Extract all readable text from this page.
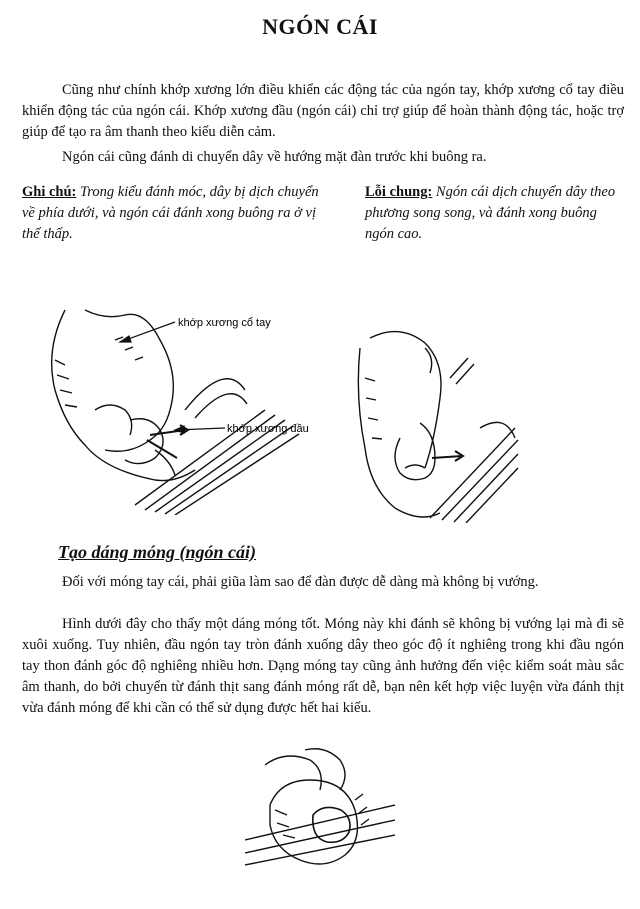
NGÓN CÁI

Cũng như chính khớp xương lớn điều khiển các động tác của ngón tay, khớp xương cổ tay điều khiển động tác của ngón cái. Khớp xương đầu (ngón cái) chỉ trợ giúp để hoàn thành động tác, hoặc trợ giúp để tạo ra âm thanh theo kiểu diễn cảm.

Ngón cái cũng đánh di chuyển dây về hướng mặt đàn trước khi buông ra.

Ghi chú: Trong kiểu đánh móc, dây bị dịch chuyển về phía dưới, và ngón cái đánh xong buông ra ở vị thế thấp.
Lỗi chung: Ngón cái dịch chuyển dây theo phương song song, và đánh xong buông ngón cao.
khớp xương cổ tay
khớp xương đầu
Tạo dáng móng (ngón cái)

Đối với móng tay cái, phải giũa làm sao để đàn được dễ dàng mà không bị vướng.

Hình dưới đây cho thấy một dáng móng tốt. Móng này khi đánh sẽ không bị vướng lại mà đi sẽ xuôi xuống. Tuy nhiên, đầu ngón tay tròn đánh xuống dây theo góc độ ít nghiêng trong khi đầu ngón tay thon đánh góc độ nghiêng nhiều hơn. Dạng móng tay cũng ảnh hưởng đến việc kiểm soát màu sắc âm thanh, do bởi chuyển từ đánh thịt sang đánh móng rất dễ, bạn nên kết hợp việc luyện vừa đánh thịt vừa đánh móng để khi cần có thể sử dụng được hết hai kiểu.
